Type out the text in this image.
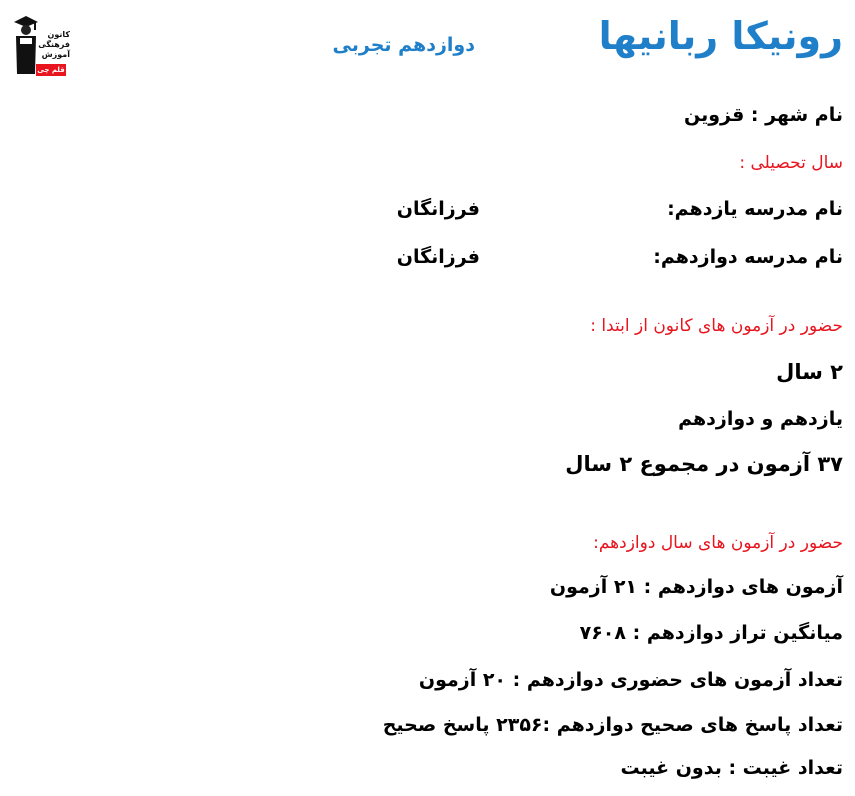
کانون
فرهنگی
آموزش
قلم چی
رونیکا ربانیها
دوازدهم تجربی
نام شهر : قزوین
سال تحصیلی :
نام مدرسه یازدهم:
فرزانگان
نام مدرسه دوازدهم:
فرزانگان
حضور در آزمون های کانون از ابتدا :
۲ سال
یازدهم و دوازدهم
۳۷ آزمون در مجموع ۲ سال
حضور در آزمون های سال دوازدهم:
آزمون های دوازدهم : ۲۱ آزمون
میانگین تراز دوازدهم : ۷۶۰۸
تعداد آزمون های حضوری دوازدهم : ۲۰ آزمون
تعداد پاسخ های صحیح دوازدهم :۲۳۵۶ پاسخ صحیح
تعداد غیبت : بدون غیبت
